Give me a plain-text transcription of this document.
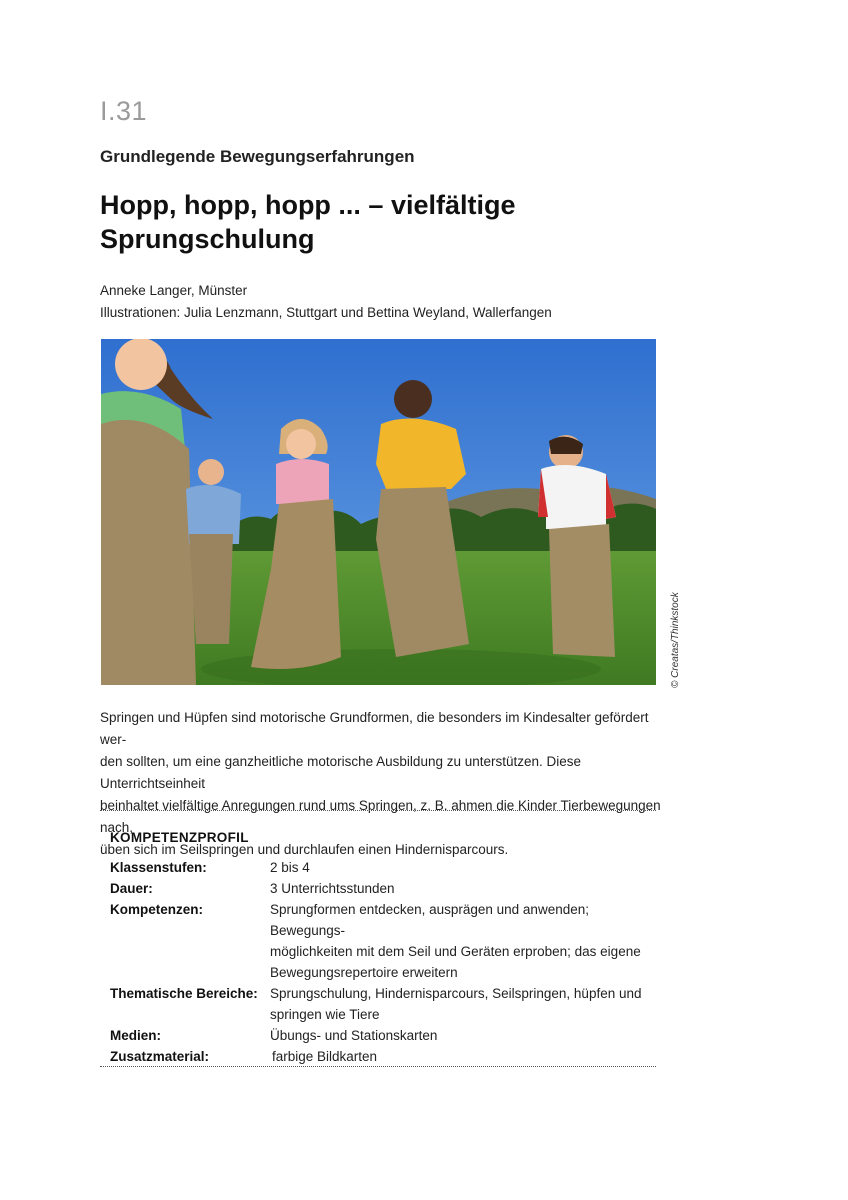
I.31
Grundlegende Bewegungserfahrungen
Hopp, hopp, hopp ... – vielfältige
Sprungschulung
Anneke Langer, Münster
Illustrationen: Julia Lenzmann, Stuttgart und Bettina Weyland, Wallerfangen
© Creatas/Thinkstock
Springen und Hüpfen sind motorische Grundformen, die besonders im Kindesalter gefördert wer-
den sollten, um eine ganzheitliche motorische Ausbildung zu unterstützen. Diese Unterrichtseinheit
beinhaltet vielfältige Anregungen rund ums Springen, z. B. ahmen die Kinder Tierbewegungen nach,
üben sich im Seilspringen und durchlaufen einen Hindernisparcours.
KOMPETENZPROFIL
Klassenstufen:	2 bis 4
Dauer:	3 Unterrichtsstunden
Kompetenzen:	Sprungformen entdecken, ausprägen und anwenden; Bewegungs-
möglichkeiten mit dem Seil und Geräten erproben; das eigene
Bewegungsrepertoire erweitern
Thematische Bereiche: Sprungschulung, Hindernisparcours, Seilspringen, hüpfen und
springen wie Tiere
Medien:	Übungs- und Stationskarten
Zusatzmaterial:	farbige Bildkarten
